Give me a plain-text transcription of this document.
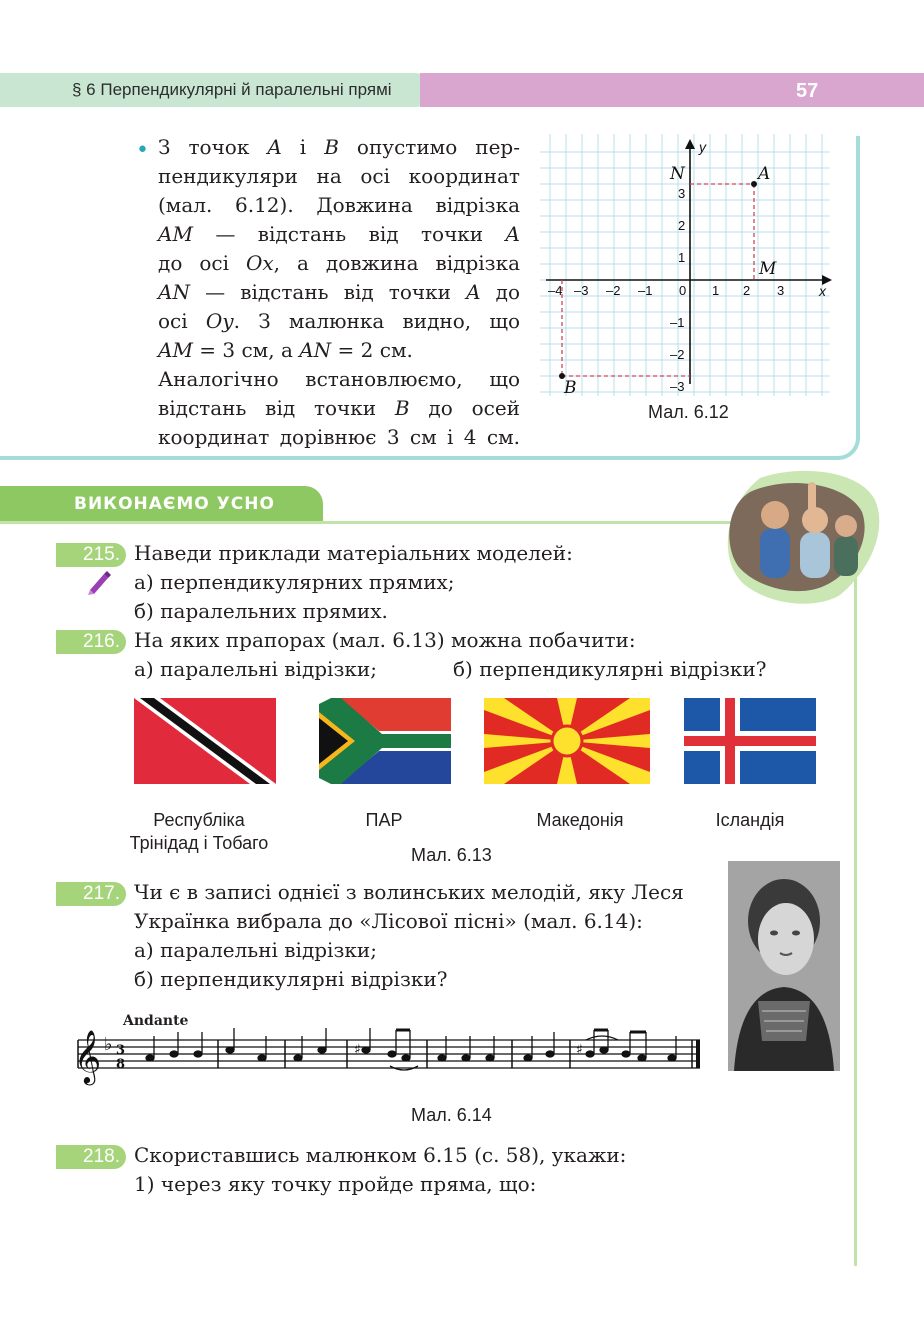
§ 6 Перпендикулярні й паралельні прямі	57
• З точок A і B опустимо пер-

пендикуляри на осі координат

(мал. 6.12). Довжина відрізка

AM — відстань від точки A

до осі Ox, а довжина відрізка

AN — відстань від точки A до

осі Oy. З малюнка видно, що

AM = 3 см, а AN = 2 см.

Аналогічно встановлюємо, що

відстань від точки B до осей

координат дорівнює 3 см і 4 см.

x
y
0
–4 –3 –2 –1	1 2 3
3
2
1
–1
–2
–3
A
B
N
M
Мал. 6.12
ВИКОНАЄМО УСНО
215. Наведи приклади матеріальних моделей:
а) перпендикулярних прямих;
б) паралельних прямих.
216. На яких прапорах (мал. 6.13) можна побачити:
а) паралельні відрізки;	б) перпендикулярні відрізки?
Республіка
Трінідад і Тобаго
ПАР	Македонія	Ісландія
Мал. 6.13
217. Чи є в записі однієї з волинських мелодій, яку Леся
Українка вибрала до «Лісової пісні» (мал. 6.14):
а) паралельні відрізки;
б) перпендикулярні відрізки?
Andante
𝄞 ♭ 3
8
♯	♯
Мал. 6.14
218. Скориставшись малюнком 6.15 (с. 58), укажи:
1) через яку точку пройде пряма, що:
